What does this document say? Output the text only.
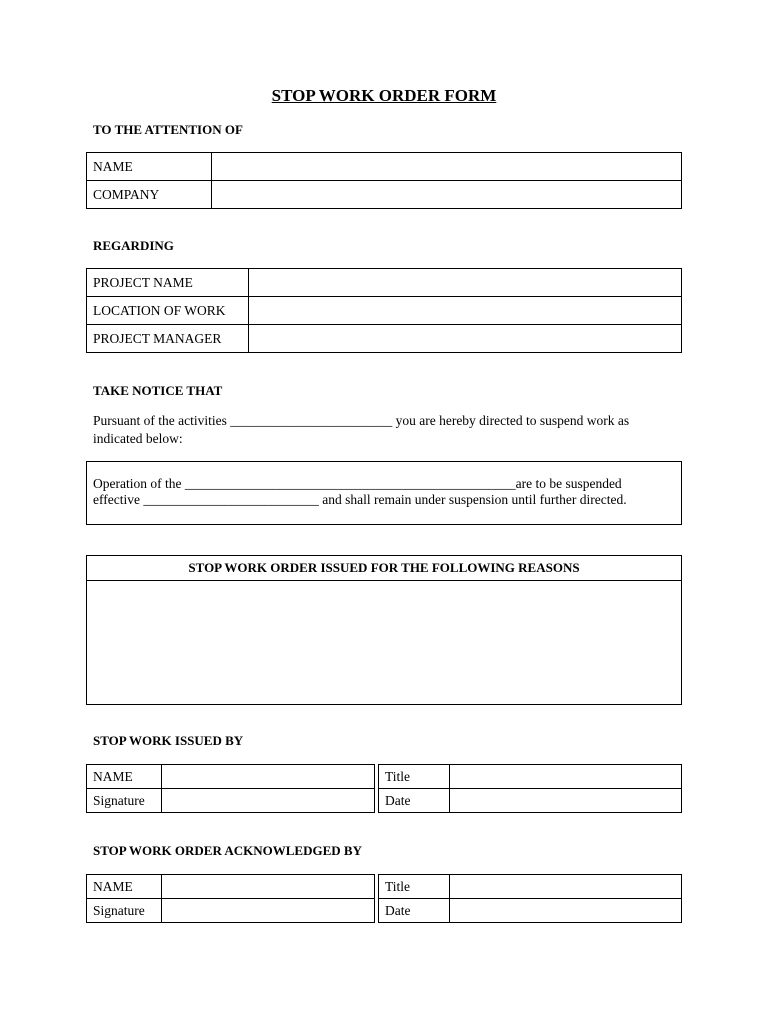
STOP WORK ORDER FORM
TO THE ATTENTION OF
NAME	
COMPANY	
REGARDING
PROJECT NAME	
LOCATION OF WORK	
PROJECT MANAGER	
TAKE NOTICE THAT
Pursuant of the activities ________________________ you are hereby directed to suspend work as
indicated below:
Operation of the _________________________________________________are to be suspended
effective __________________________ and shall remain under suspension until further directed.
STOP WORK ORDER ISSUED FOR THE FOLLOWING REASONS
STOP WORK ISSUED BY
NAME			Title	
Signature			Date	
STOP WORK ORDER ACKNOWLEDGED BY
NAME			Title	
Signature			Date	
